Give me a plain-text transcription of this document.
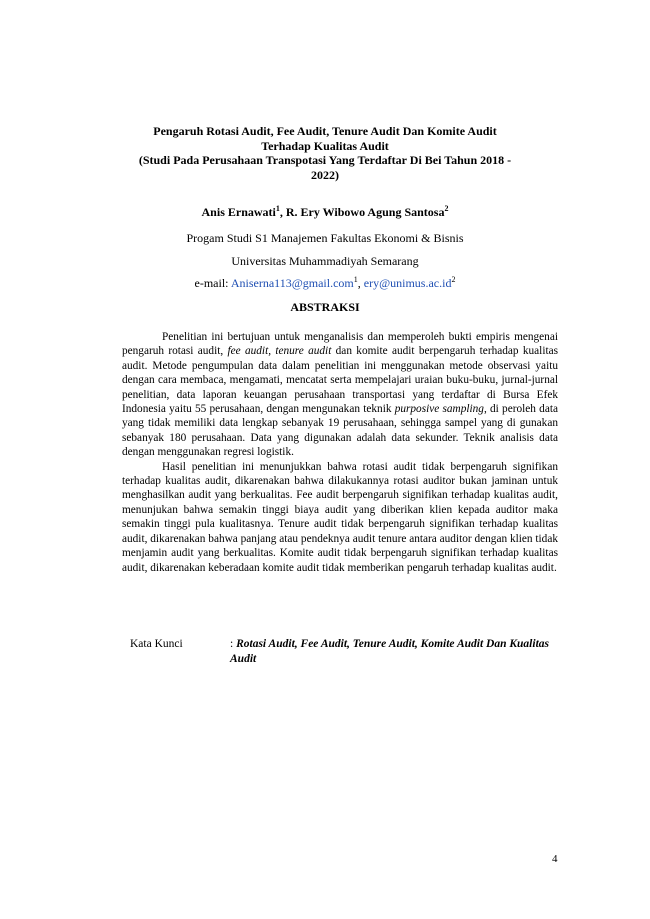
Pengaruh Rotasi Audit, Fee Audit, Tenure Audit Dan Komite Audit
Terhadap Kualitas Audit
(Studi Pada Perusahaan Transpotasi Yang Terdaftar Di Bei Tahun 2018 -
2022)
Anis Ernawati$^1$, R. Ery Wibowo Agung Santosa$^2$
Progam Studi S1 Manajemen Fakultas Ekonomi & Bisnis
Universitas Muhammadiyah Semarang
e-mail: Aniserna113@gmail.com$^1$, $ery@unimus.ac.id^2$
ABSTRAKSI

Penelitian ini bertujuan untuk menganalisis dan memperoleh bukti empiris mengenai pengaruh rotasi audit, fee audit, tenure audit dan komite audit berpengaruh terhadap kualitas audit. Metode pengumpulan data dalam penelitian ini menggunakan metode observasi yaitu dengan cara membaca, mengamati, mencatat serta mempelajari uraian buku-buku, jurnal-jurnal penelitian, data laporan keuangan perusahaan transportasi yang terdaftar di Bursa Efek Indonesia yaitu 55 perusahaan, dengan mengunakan teknik purposive sampling, di peroleh data yang tidak memiliki data lengkap sebanyak 19 perusahaan, sehingga sampel yang di gunakan sebanyak 180 perusahaan. Data yang digunakan adalah data sekunder. Teknik analisis data dengan menggunakan regresi logistik.

Hasil penelitian ini menunjukkan bahwa rotasi audit tidak berpengaruh signifikan terhadap kualitas audit, dikarenakan bahwa dilakukannya rotasi auditor bukan jaminan untuk menghasilkan audit yang berkualitas. Fee audit berpengaruh signifikan terhadap kualitas audit, menunjukan bahwa semakin tinggi biaya audit yang diberikan klien kepada auditor maka semakin tinggi pula kualitasnya. Tenure audit tidak berpengaruh signifikan terhadap kualitas audit, dikarenakan bahwa panjang atau pendeknya audit tenure antara auditor dengan klien tidak menjamin audit yang berkualitas. Komite audit tidak berpengaruh signifikan terhadap kualitas audit, dikarenakan keberadaan komite audit tidak memberikan pengaruh terhadap kualitas audit.

Kata Kunci	: Rotasi Audit, Fee Audit, Tenure Audit, Komite Audit Dan Kualitas Audit
4
